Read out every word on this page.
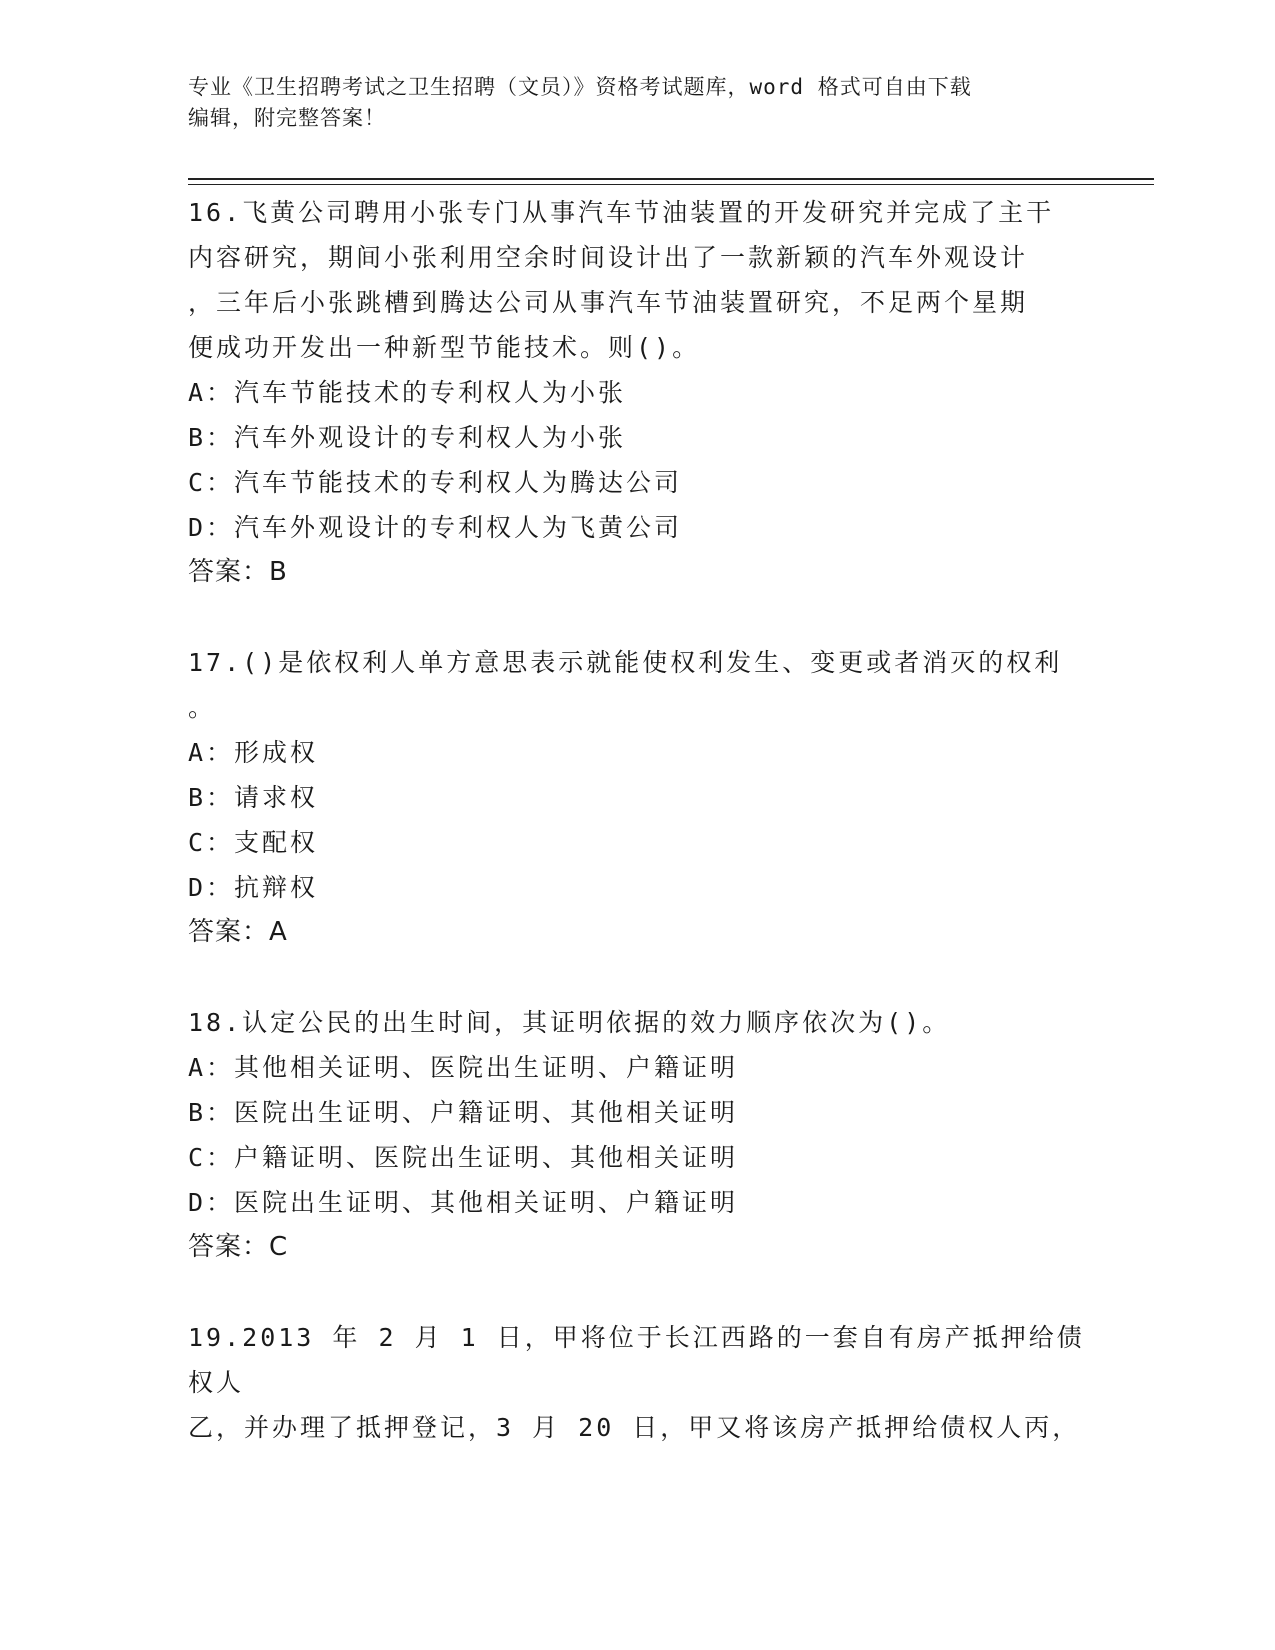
专业《卫生招聘考试之卫生招聘（文员）》资格考试题库，word 格式可自由下载
编辑，附完整答案！
16.飞黄公司聘用小张专门从事汽车节油装置的开发研究并完成了主干
内容研究，期间小张利用空余时间设计出了一款新颖的汽车外观设计
，三年后小张跳槽到腾达公司从事汽车节油装置研究，不足两个星期
便成功开发出一种新型节能技术。则()。
A：汽车节能技术的专利权人为小张
B：汽车外观设计的专利权人为小张
C：汽车节能技术的专利权人为腾达公司
D：汽车外观设计的专利权人为飞黄公司
答案：B
17.()是依权利人单方意思表示就能使权利发生、变更或者消灭的权利
。
A：形成权
B：请求权
C：支配权
D：抗辩权
答案：A
18.认定公民的出生时间，其证明依据的效力顺序依次为()。
A：其他相关证明、医院出生证明、户籍证明
B：医院出生证明、户籍证明、其他相关证明
C：户籍证明、医院出生证明、其他相关证明
D：医院出生证明、其他相关证明、户籍证明
答案：C
19.2013 年 2 月 1 日，甲将位于长江西路的一套自有房产抵押给债权人
乙，并办理了抵押登记，3 月 20 日，甲又将该房产抵押给债权人丙，
